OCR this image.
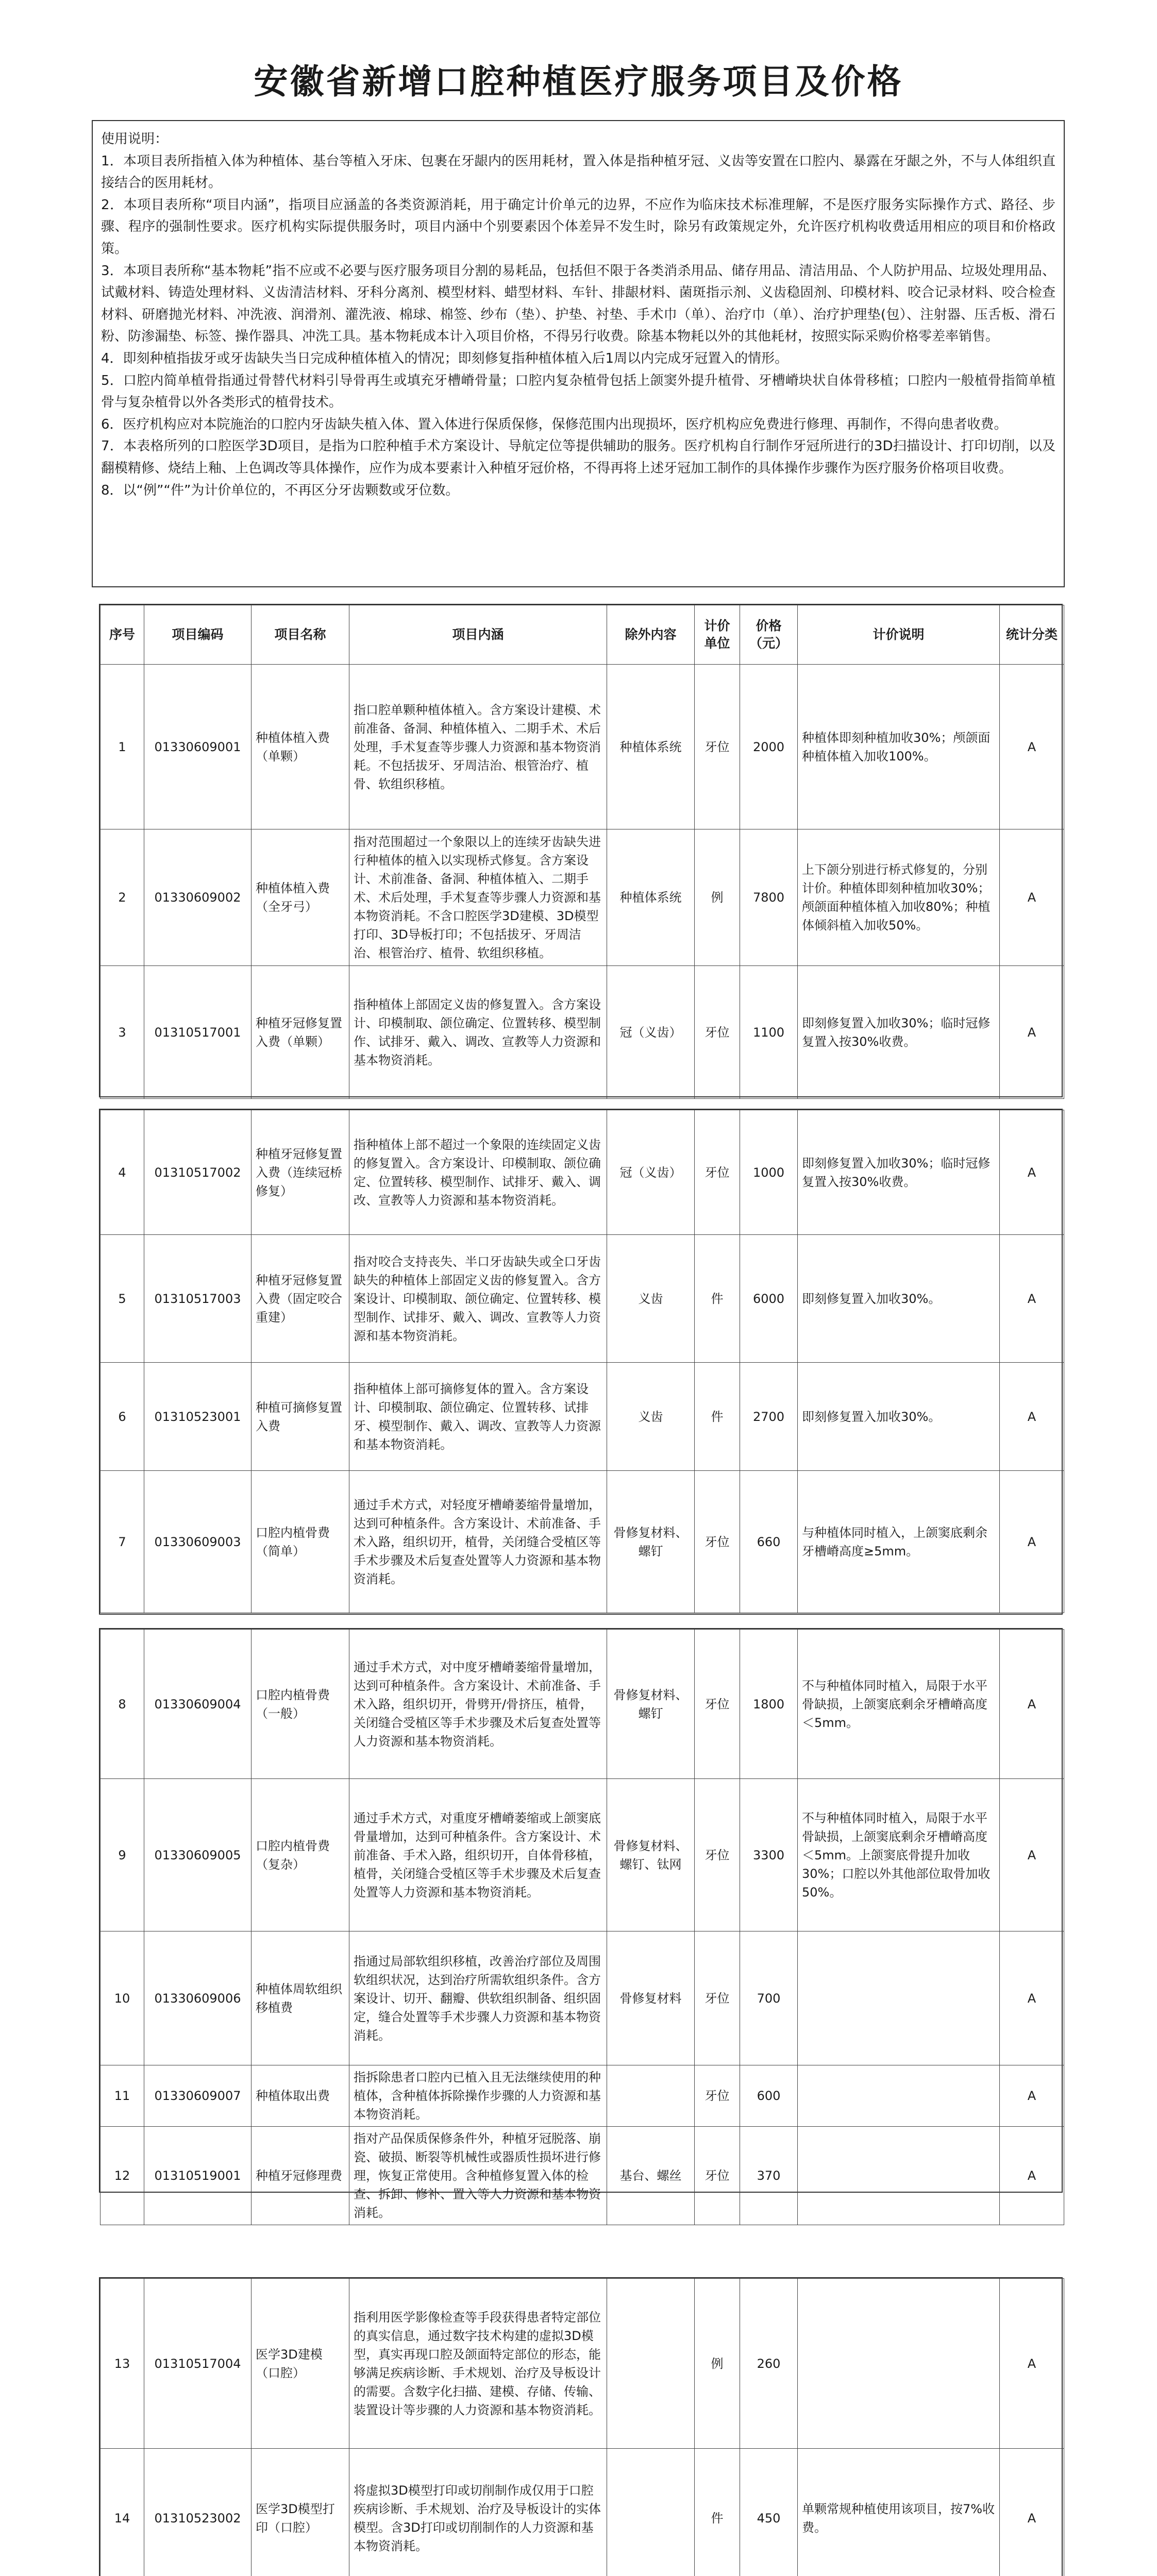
安徽省新增口腔种植医疗服务项目及价格

使用说明：

1．本项目表所指植入体为种植体、基台等植入牙床、包裹在牙龈内的医用耗材，置入体是指种植牙冠、义齿等安置在口腔内、暴露在牙龈之外，不与人体组织直接结合的医用耗材。

2．本项目表所称“项目内涵”，指项目应涵盖的各类资源消耗，用于确定计价单元的边界，不应作为临床技术标准理解，不是医疗服务实际操作方式、路径、步骤、程序的强制性要求。医疗机构实际提供服务时，项目内涵中个别要素因个体差异不发生时，除另有政策规定外，允许医疗机构收费适用相应的项目和价格政策。

3．本项目表所称“基本物耗”指不应或不必要与医疗服务项目分割的易耗品，包括但不限于各类消杀用品、储存用品、清洁用品、个人防护用品、垃圾处理用品、试戴材料、铸造处理材料、义齿清洁材料、牙科分离剂、模型材料、蜡型材料、车针、排龈材料、菌斑指示剂、义齿稳固剂、印模材料、咬合记录材料、咬合检查材料、研磨抛光材料、冲洗液、润滑剂、灌洗液、棉球、棉签、纱布（垫）、护垫、衬垫、手术巾（单）、治疗巾（单）、治疗护理垫(包）、注射器、压舌板、滑石粉、防渗漏垫、标签、操作器具、冲洗工具。基本物耗成本计入项目价格，不得另行收费。除基本物耗以外的其他耗材，按照实际采购价格零差率销售。

4．即刻种植指拔牙或牙齿缺失当日完成种植体植入的情况；即刻修复指种植体植入后1周以内完成牙冠置入的情形。

5．口腔内简单植骨指通过骨替代材料引导骨再生或填充牙槽嵴骨量；口腔内复杂植骨包括上颌窦外提升植骨、牙槽嵴块状自体骨移植；口腔内一般植骨指简单植骨与复杂植骨以外各类形式的植骨技术。

6．医疗机构应对本院施治的口腔内牙齿缺失植入体、置入体进行保质保修，保修范围内出现损坏，医疗机构应免费进行修理、再制作，不得向患者收费。

7．本表格所列的口腔医学3D项目，是指为口腔种植手术方案设计、导航定位等提供辅助的服务。医疗机构自行制作牙冠所进行的3D扫描设计、打印切削，以及翻模精修、烧结上釉、上色调改等具体操作，应作为成本要素计入种植牙冠价格，不得再将上述牙冠加工制作的具体操作步骤作为医疗服务价格项目收费。

8．以“例”“件”为计价单位的，不再区分牙齿颗数或牙位数。

序号	项目编码	项目名称	项目内涵	除外内容	计价单位	价格（元）	计价说明	统计分类
1	01330609001	种植体植入费（单颗）	指口腔单颗种植体植入。含方案设计建模、术前准备、备洞、种植体植入、二期手术、术后处理，手术复查等步骤人力资源和基本物资消耗。不包括拔牙、牙周洁治、根管治疗、植骨、软组织移植。	种植体系统	牙位	2000	种植体即刻种植加收30%；颅颌面种植体植入加收100%。	A
2	01330609002	种植体植入费（全牙弓）	指对范围超过一个象限以上的连续牙齿缺失进行种植体的植入以实现桥式修复。含方案设计、术前准备、备洞、种植体植入、二期手术、术后处理，手术复查等步骤人力资源和基本物资消耗。不含口腔医学3D建模、3D模型打印、3D导板打印；不包括拔牙、牙周洁治、根管治疗、植骨、软组织移植。	种植体系统	例	7800	上下颌分别进行桥式修复的，分别计价。种植体即刻种植加收30%；颅颌面种植体植入加收80%；种植体倾斜植入加收50%。	A
3	01310517001	种植牙冠修复置入费（单颗）	指种植体上部固定义齿的修复置入。含方案设计、印模制取、颌位确定、位置转移、模型制作、试排牙、戴入、调改、宣教等人力资源和基本物资消耗。	冠（义齿）	牙位	1100	即刻修复置入加收30%；临时冠修复置入按30%收费。	A
4	01310517002	种植牙冠修复置入费（连续冠桥修复）	指种植体上部不超过一个象限的连续固定义齿的修复置入。含方案设计、印模制取、颌位确定、位置转移、模型制作、试排牙、戴入、调改、宣教等人力资源和基本物资消耗。	冠（义齿）	牙位	1000	即刻修复置入加收30%；临时冠修复置入按30%收费。	A
5	01310517003	种植牙冠修复置入费（固定咬合重建）	指对咬合支持丧失、半口牙齿缺失或全口牙齿缺失的种植体上部固定义齿的修复置入。含方案设计、印模制取、颌位确定、位置转移、模型制作、试排牙、戴入、调改、宣教等人力资源和基本物资消耗。	义齿	件	6000	即刻修复置入加收30%。	A
6	01310523001	种植可摘修复置入费	指种植体上部可摘修复体的置入。含方案设计、印模制取、颌位确定、位置转移、试排牙、模型制作、戴入、调改、宣教等人力资源和基本物资消耗。	义齿	件	2700	即刻修复置入加收30%。	A
7	01330609003	口腔内植骨费（简单）	通过手术方式，对轻度牙槽嵴萎缩骨量增加，达到可种植条件。含方案设计、术前准备、手术入路，组织切开，植骨，关闭缝合受植区等手术步骤及术后复查处置等人力资源和基本物资消耗。	骨修复材料、螺钉	牙位	660	与种植体同时植入，上颌窦底剩余牙槽嵴高度≥5mm。	A
8	01330609004	口腔内植骨费（一般）	通过手术方式，对中度牙槽嵴萎缩骨量增加，达到可种植条件。含方案设计、术前准备、手术入路，组织切开，骨劈开/骨挤压，植骨，关闭缝合受植区等手术步骤及术后复查处置等人力资源和基本物资消耗。	骨修复材料、螺钉	牙位	1800	不与种植体同时植入，局限于水平骨缺损，上颌窦底剩余牙槽嵴高度＜5mm。	A
9	01330609005	口腔内植骨费（复杂）	通过手术方式，对重度牙槽嵴萎缩或上颌窦底骨量增加，达到可种植条件。含方案设计、术前准备、手术入路，组织切开，自体骨移植，植骨，关闭缝合受植区等手术步骤及术后复查处置等人力资源和基本物资消耗。	骨修复材料、螺钉、钛网	牙位	3300	不与种植体同时植入，局限于水平骨缺损，上颌窦底剩余牙槽嵴高度＜5mm。上颌窦底骨提升加收30%；口腔以外其他部位取骨加收50%。	A
10	01330609006	种植体周软组织移植费	指通过局部软组织移植，改善治疗部位及周围软组织状况，达到治疗所需软组织条件。含方案设计、切开、翻瓣、供软组织制备、组织固定，缝合处置等手术步骤人力资源和基本物资消耗。	骨修复材料	牙位	700		A
11	01330609007	种植体取出费	指拆除患者口腔内已植入且无法继续使用的种植体，含种植体拆除操作步骤的人力资源和基本物资消耗。		牙位	600		A
12	01310519001	种植牙冠修理费	指对产品保质保修条件外，种植牙冠脱落、崩瓷、破损、断裂等机械性或器质性损坏进行修理，恢复正常使用。含种植修复置入体的检查、拆卸、修补、置入等人力资源和基本物资消耗。	基台、螺丝	牙位	370		A
13	01310517004	医学3D建模（口腔）	指利用医学影像检查等手段获得患者特定部位的真实信息，通过数字技术构建的虚拟3D模型，真实再现口腔及颌面特定部位的形态，能够满足疾病诊断、手术规划、治疗及导板设计的需要。含数字化扫描、建模、存储、传输、装置设计等步骤的人力资源和基本物资消耗。		例	260		A
14	01310523002	医学3D模型打印（口腔）	将虚拟3D模型打印或切削制作成仅用于口腔疾病诊断、手术规划、治疗及导板设计的实体模型。含3D打印或切削制作的人力资源和基本物资消耗。		件	450	单颗常规种植使用该项目，按7%收费。	A
